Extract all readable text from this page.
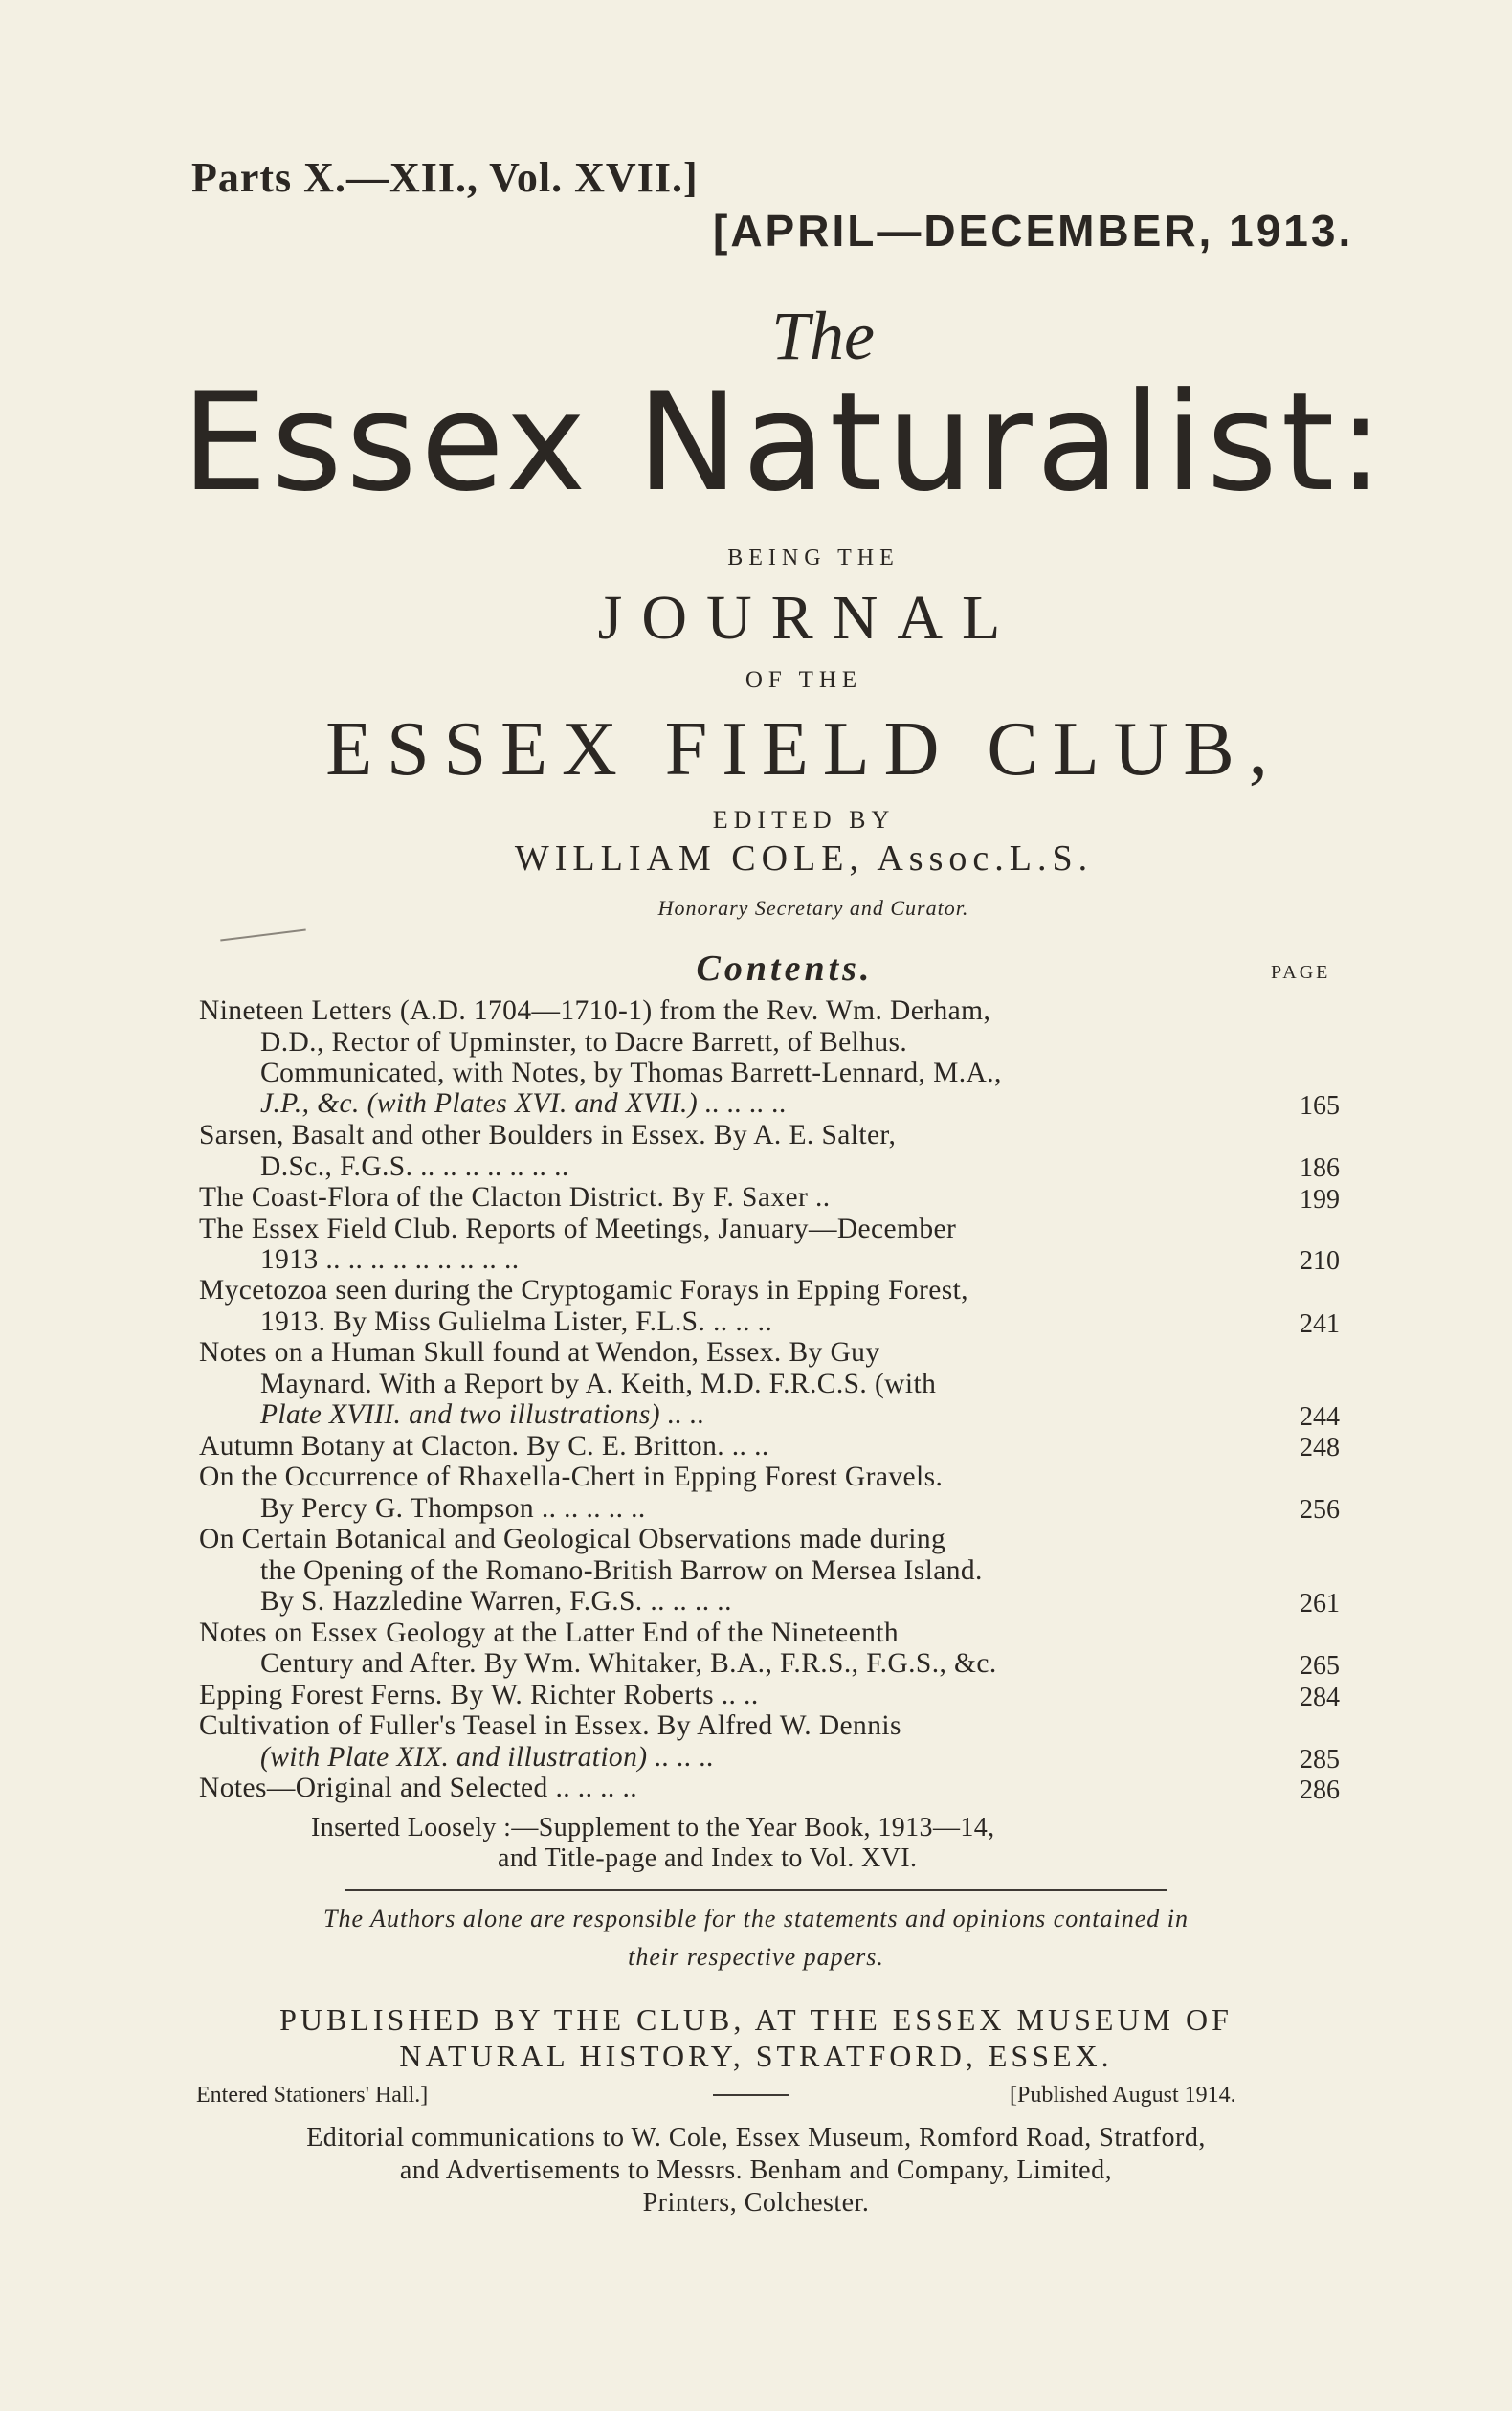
Parts X.—XII., Vol. XVII.]
[APRIL—DECEMBER, 1913.
The
Essex Naturalist:
BEING THE
JOURNAL
OF THE
ESSEX FIELD CLUB,
EDITED BY
WILLIAM COLE, Assoc.L.S.
Honorary Secretary and Curator.
Contents.	PAGE
Nineteen Letters (A.D. 1704—1710-1) from the Rev. Wm. Derham,
D.D., Rector of Upminster, to Dacre Barrett, of Belhus.
Communicated, with Notes, by Thomas Barrett-Lennard, M.A.,
J.P., &c. (with Plates XVI. and XVII.) .. .. .. ..
Sarsen, Basalt and other Boulders in Essex. By A. E. Salter,
D.Sc., F.G.S. .. .. .. .. .. .. ..
The Coast-Flora of the Clacton District. By F. Saxer ..
The Essex Field Club. Reports of Meetings, January—December
1913 .. .. .. .. .. .. .. .. ..
Mycetozoa seen during the Cryptogamic Forays in Epping Forest,
1913. By Miss Gulielma Lister, F.L.S. .. .. ..
Notes on a Human Skull found at Wendon, Essex. By Guy
Maynard. With a Report by A. Keith, M.D. F.R.C.S. (with
Plate XVIII. and two illustrations) .. ..
Autumn Botany at Clacton. By C. E. Britton. .. ..
On the Occurrence of Rhaxella-Chert in Epping Forest Gravels.
By Percy G. Thompson .. .. .. .. ..
On Certain Botanical and Geological Observations made during
the Opening of the Romano-British Barrow on Mersea Island.
By S. Hazzledine Warren, F.G.S. .. .. .. ..
Notes on Essex Geology at the Latter End of the Nineteenth
Century and After. By Wm. Whitaker, B.A., F.R.S., F.G.S., &c.
Epping Forest Ferns. By W. Richter Roberts .. ..
Cultivation of Fuller's Teasel in Essex. By Alfred W. Dennis
(with Plate XIX. and illustration) .. .. ..
Notes—Original and Selected .. .. .. ..
Inserted Loosely :—Supplement to the Year Book, 1913—14,
and Title-page and Index to Vol. XVI.
165
186
199
210
241
244
248
256
261
265
284
285
286
The Authors alone are responsible for the statements and opinions contained in
their respective papers.
PUBLISHED BY THE CLUB, AT THE ESSEX MUSEUM OF
NATURAL HISTORY, STRATFORD, ESSEX.
Entered Stationers' Hall.]	[Published August 1914.
Editorial communications to W. Cole, Essex Museum, Romford Road, Stratford,
and Advertisements to Messrs. Benham and Company, Limited,
Printers, Colchester.
